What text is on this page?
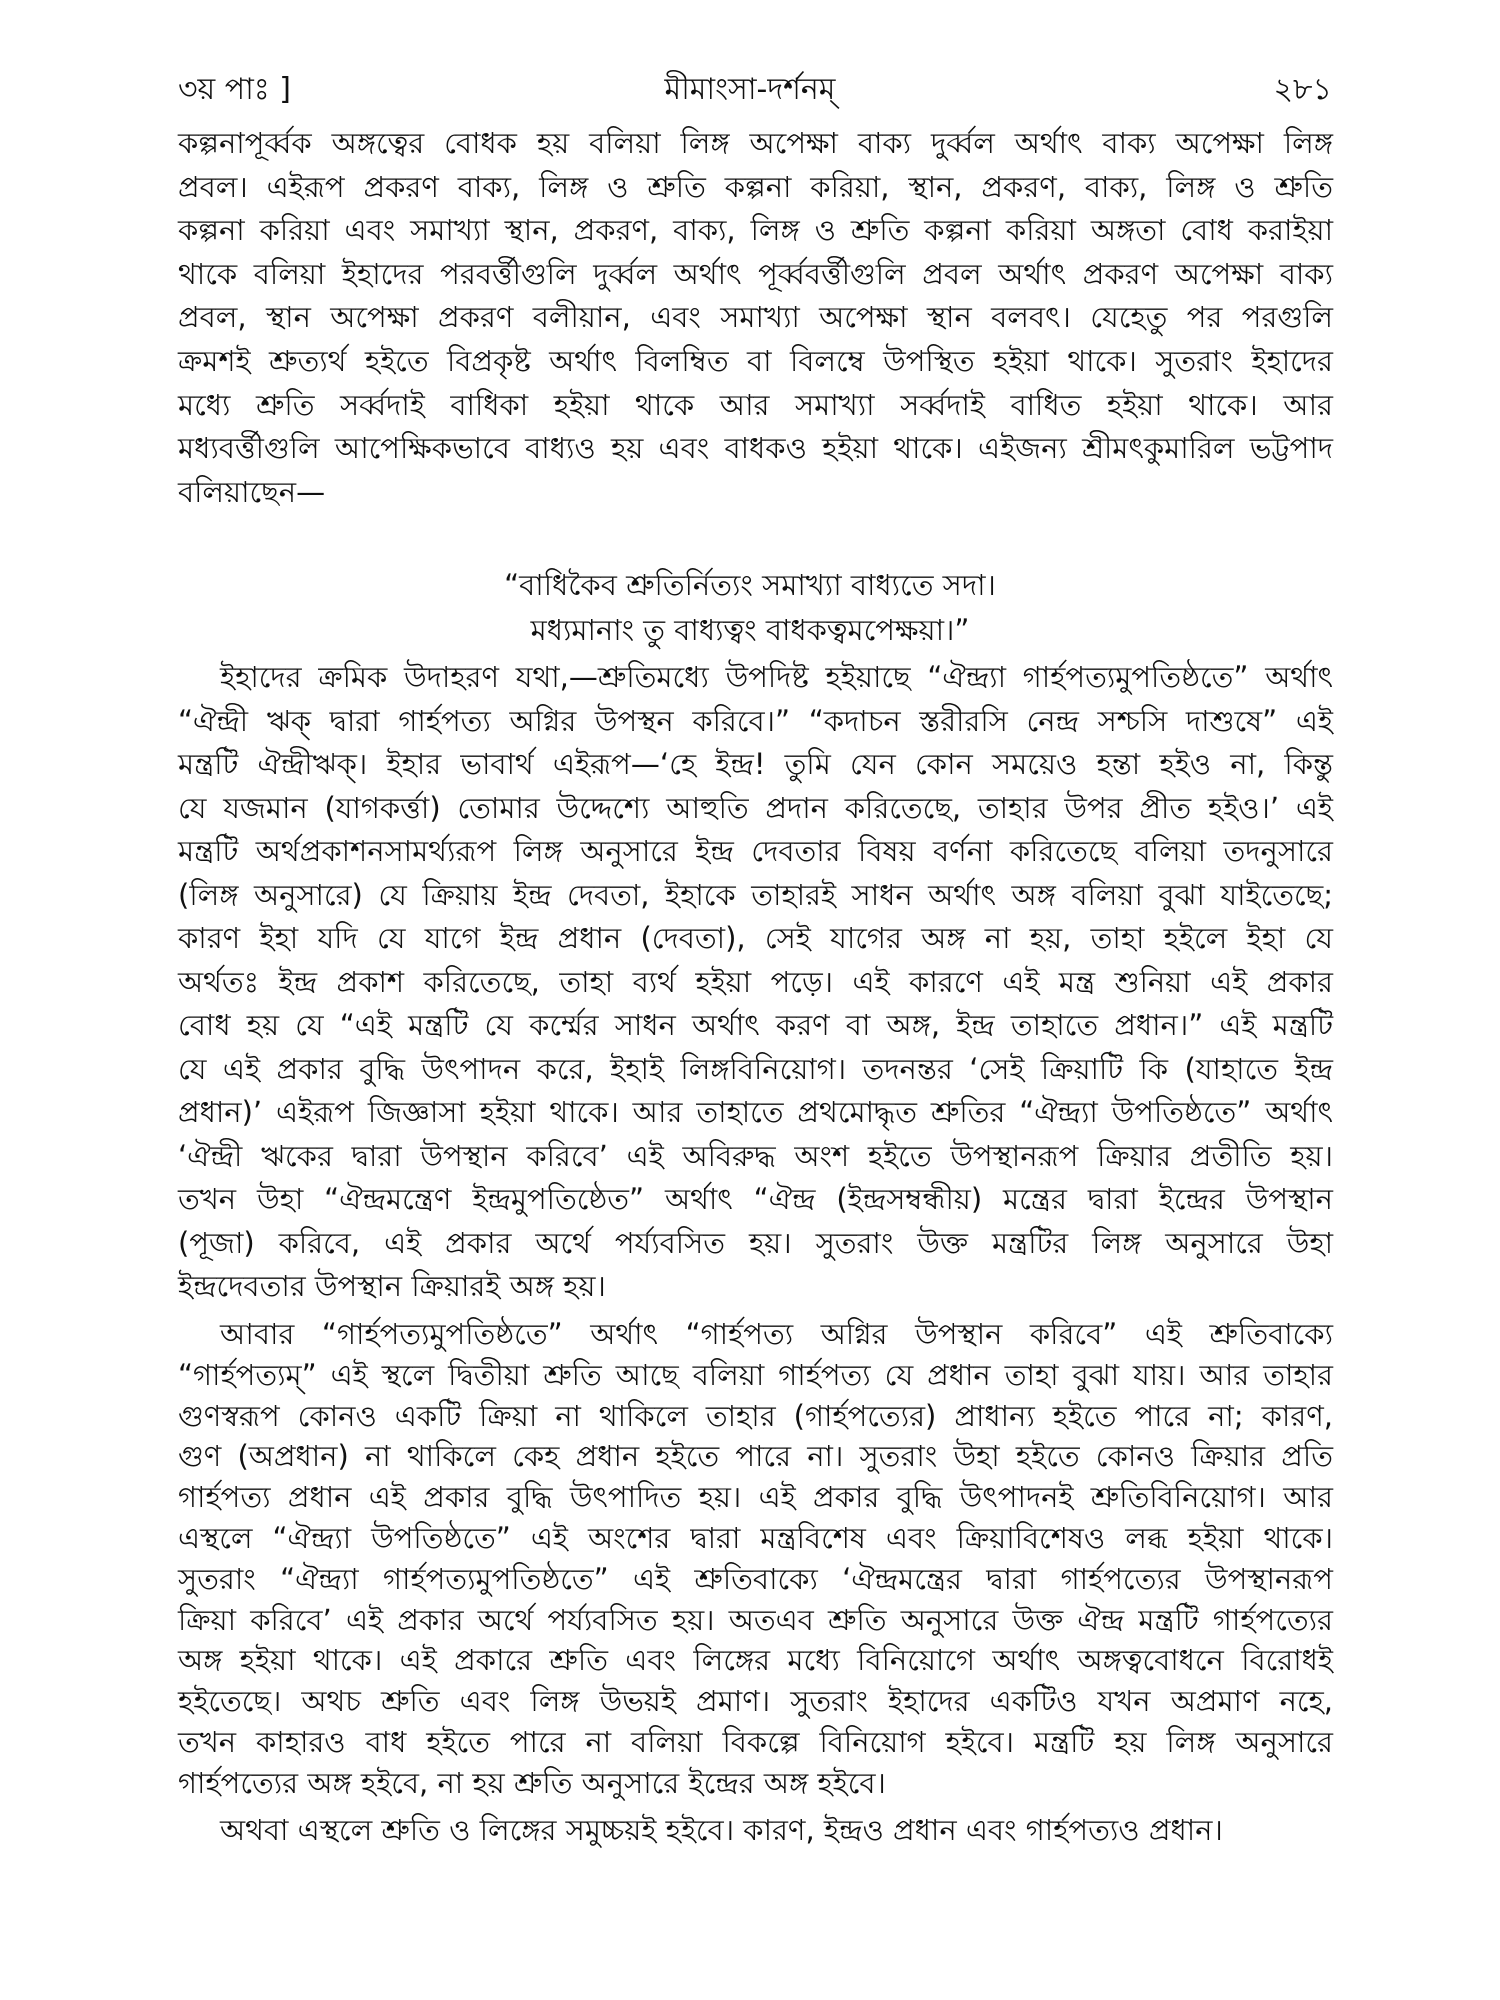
৩য় পাঃ ]	মীমাংসা-দর্শনম্	২৮১
কল্পনাপূর্ব্বক অঙ্গত্বের বোধক হয় বলিয়া লিঙ্গ অপেক্ষা বাক্য দুর্ব্বল অর্থাৎ বাক্য অপেক্ষা লিঙ্গ
প্রবল। এইরূপ প্রকরণ বাক্য, লিঙ্গ ও শ্রুতি কল্পনা করিয়া, স্থান, প্রকরণ, বাক্য, লিঙ্গ ও শ্রুতি
কল্পনা করিয়া এবং সমাখ্যা স্থান, প্রকরণ, বাক্য, লিঙ্গ ও শ্রুতি কল্পনা করিয়া অঙ্গতা বোধ করাইয়া
থাকে বলিয়া ইহাদের পরবর্ত্তীগুলি দুর্ব্বল অর্থাৎ পূর্ব্ববর্ত্তীগুলি প্রবল অর্থাৎ প্রকরণ অপেক্ষা বাক্য
প্রবল, স্থান অপেক্ষা প্রকরণ বলীয়ান, এবং সমাখ্যা অপেক্ষা স্থান বলবৎ। যেহেতু পর পরগুলি
ক্রমশই শ্রুত্যর্থ হইতে বিপ্রকৃষ্ট অর্থাৎ বিলম্বিত বা বিলম্বে উপস্থিত হইয়া থাকে। সুতরাং ইহাদের
মধ্যে শ্রুতি সর্ব্বদাই বাধিকা হইয়া থাকে আর সমাখ্যা সর্ব্বদাই বাধিত হইয়া থাকে। আর
মধ্যবর্ত্তীগুলি আপেক্ষিকভাবে বাধ্যও হয় এবং বাধকও হইয়া থাকে। এইজন্য শ্রীমৎকুমারিল ভট্টপাদ
বলিয়াছেন—
“বাধিকৈব শ্রুতির্নিত্যং সমাখ্যা বাধ্যতে সদা।
মধ্যমানাং তু বাধ্যত্বং বাধকত্বমপেক্ষয়া।”
ইহাদের ক্রমিক উদাহরণ যথা,—শ্রুতিমধ্যে উপদিষ্ট হইয়াছে “ঐন্দ্র্যা গার্হপত্যমুপতিষ্ঠতে” অর্থাৎ
“ঐন্দ্রী ঋক্ দ্বারা গার্হপত্য অগ্নির উপস্থন করিবে।” “কদাচন স্তরীরসি নেন্দ্র সশ্চসি দাশুষে” এই
মন্ত্রটি ঐন্দ্রীঋক্। ইহার ভাবার্থ এইরূপ—‘হে ইন্দ্র! তুমি যেন কোন সময়েও হন্তা হইও না, কিন্তু
যে যজমান (যাগকর্ত্তা) তোমার উদ্দেশ্যে আহুতি প্রদান করিতেছে, তাহার উপর প্রীত হইও।’ এই
মন্ত্রটি অর্থপ্রকাশনসামর্থ্যরূপ লিঙ্গ অনুসারে ইন্দ্র দেবতার বিষয় বর্ণনা করিতেছে বলিয়া তদনুসারে
(লিঙ্গ অনুসারে) যে ক্রিয়ায় ইন্দ্র দেবতা, ইহাকে তাহারই সাধন অর্থাৎ অঙ্গ বলিয়া বুঝা যাইতেছে;
কারণ ইহা যদি যে যাগে ইন্দ্র প্রধান (দেবতা), সেই যাগের অঙ্গ না হয়, তাহা হইলে ইহা যে
অর্থতঃ ইন্দ্র প্রকাশ করিতেছে, তাহা ব্যর্থ হইয়া পড়ে। এই কারণে এই মন্ত্র শুনিয়া এই প্রকার
বোধ হয় যে “এই মন্ত্রটি যে কর্ম্মের সাধন অর্থাৎ করণ বা অঙ্গ, ইন্দ্র তাহাতে প্রধান।” এই মন্ত্রটি
যে এই প্রকার বুদ্ধি উৎপাদন করে, ইহাই লিঙ্গবিনিয়োগ। তদনন্তর ‘সেই ক্রিয়াটি কি (যাহাতে ইন্দ্র
প্রধান)’ এইরূপ জিজ্ঞাসা হইয়া থাকে। আর তাহাতে প্রথমোদ্ধৃত শ্রুতির “ঐন্দ্র্যা উপতিষ্ঠতে” অর্থাৎ
‘ঐন্দ্রী ঋকের দ্বারা উপস্থান করিবে’ এই অবিরুদ্ধ অংশ হইতে উপস্থানরূপ ক্রিয়ার প্রতীতি হয়।
তখন উহা “ঐন্দ্রমন্ত্রেণ ইন্দ্রমুপতিষ্ঠেত” অর্থাৎ “ঐন্দ্র (ইন্দ্রসম্বন্ধীয়) মন্ত্রের দ্বারা ইন্দ্রের উপস্থান
(পূজা) করিবে, এই প্রকার অর্থে পর্য্যবসিত হয়। সুতরাং উক্ত মন্ত্রটির লিঙ্গ অনুসারে উহা
ইন্দ্রদেবতার উপস্থান ক্রিয়ারই অঙ্গ হয়।
আবার “গার্হপত্যমুপতিষ্ঠতে” অর্থাৎ “গার্হপত্য অগ্নির উপস্থান করিবে” এই শ্রুতিবাক্যে
“গার্হপত্যম্” এই স্থলে দ্বিতীয়া শ্রুতি আছে বলিয়া গার্হপত্য যে প্রধান তাহা বুঝা যায়। আর তাহার
গুণস্বরূপ কোনও একটি ক্রিয়া না থাকিলে তাহার (গার্হপত্যের) প্রাধান্য হইতে পারে না; কারণ,
গুণ (অপ্রধান) না থাকিলে কেহ প্রধান হইতে পারে না। সুতরাং উহা হইতে কোনও ক্রিয়ার প্রতি
গার্হপত্য প্রধান এই প্রকার বুদ্ধি উৎপাদিত হয়। এই প্রকার বুদ্ধি উৎপাদনই শ্রুতিবিনিয়োগ। আর
এস্থলে “ঐন্দ্র্যা উপতিষ্ঠতে” এই অংশের দ্বারা মন্ত্রবিশেষ এবং ক্রিয়াবিশেষও লব্ধ হইয়া থাকে।
সুতরাং “ঐন্দ্র্যা গার্হপত্যমুপতিষ্ঠতে” এই শ্রুতিবাক্যে ‘ঐন্দ্রমন্ত্রের দ্বারা গার্হপত্যের উপস্থানরূপ
ক্রিয়া করিবে’ এই প্রকার অর্থে পর্য্যবসিত হয়। অতএব শ্রুতি অনুসারে উক্ত ঐন্দ্র মন্ত্রটি গার্হপত্যের
অঙ্গ হইয়া থাকে। এই প্রকারে শ্রুতি এবং লিঙ্গের মধ্যে বিনিয়োগে অর্থাৎ অঙ্গত্ববোধনে বিরোধই
হইতেছে। অথচ শ্রুতি এবং লিঙ্গ উভয়ই প্রমাণ। সুতরাং ইহাদের একটিও যখন অপ্রমাণ নহে,
তখন কাহারও বাধ হইতে পারে না বলিয়া বিকল্পে বিনিয়োগ হইবে। মন্ত্রটি হয় লিঙ্গ অনুসারে
গার্হপত্যের অঙ্গ হইবে, না হয় শ্রুতি অনুসারে ইন্দ্রের অঙ্গ হইবে।
অথবা এস্থলে শ্রুতি ও লিঙ্গের সমুচ্চয়ই হইবে। কারণ, ইন্দ্রও প্রধান এবং গার্হপত্যও প্রধান।
